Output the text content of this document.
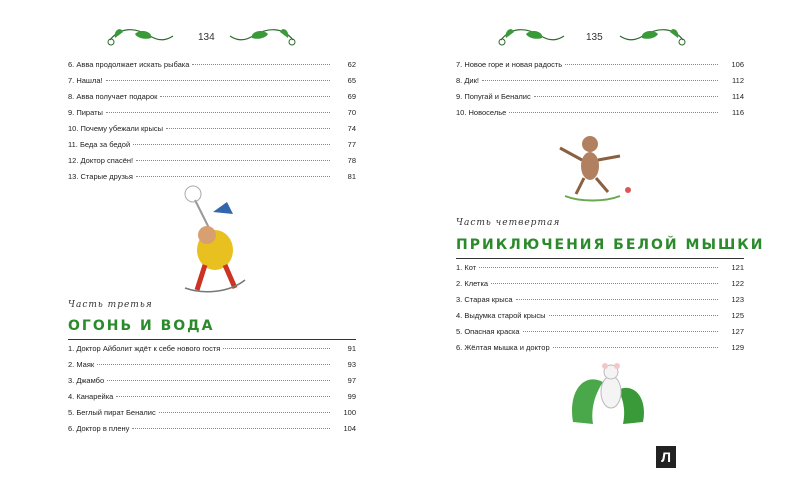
134
6. Авва продолжает искать рыбака	62
7. Нашла!	65
8. Авва получает подарок	69
9. Пираты	70
10. Почему убежали крысы	74
11. Беда за бедой	77
12. Доктор спасён!	78
13. Старые друзья	81
Часть третья
ОГОНЬ И ВОДА
1. Доктор Айболит ждёт к себе нового гостя	91
2. Маяк	93
3. Джамбо	97
4. Канарейка	99
5. Беглый пират Беналис	100
6. Доктор в плену	104
135
7. Новое горе и новая радость	106
8. Дик!	112
9. Попугай и Беналис	114
10. Новоселье	116
Часть четвертая
ПРИКЛЮЧЕНИЯ БЕЛОЙ МЫШКИ
1. Кот	121
2. Клетка	122
3. Старая крыса	123
4. Выдумка старой крысы	125
5. Опасная краска	127
6. Жёлтая мышка и доктор	129
Л
